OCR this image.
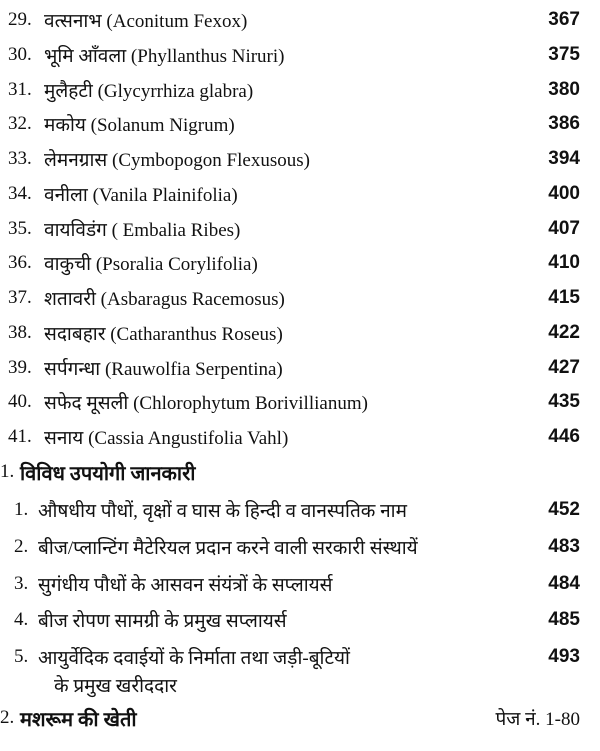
29. वत्सनाभ (Aconitum Fexox)	367
30. भूमि आँवला (Phyllanthus Niruri)	375
31. मुलैहटी (Glycyrrhiza glabra)	380
32. मकोय (Solanum Nigrum)	386
33. लेमनग्रास (Cymbopogon Flexusous)	394
34. वनीला (Vanila Plainifolia)	400
35. वायविडंग ( Embalia Ribes)	407
36. वाकुची (Psoralia Corylifolia)	410
37. शतावरी (Asbaragus Racemosus)	415
38. सदाबहार (Catharanthus Roseus)	422
39. सर्पगन्धा (Rauwolfia Serpentina)	427
40. सफेद मूसली (Chlorophytum Borivillianum)	435
41. सनाय (Cassia Angustifolia Vahl)	446
1. विविध उपयोगी जानकारी
1. औषधीय पौधों, वृक्षों व घास के हिन्दी व वानस्पतिक नाम	452
2. बीज/प्लान्टिंग मैटेरियल प्रदान करने वाली सरकारी संस्थायें	483
3. सुगंधीय पौधों के आसवन संयंत्रों के सप्लायर्स	484
4. बीज रोपण सामग्री के प्रमुख सप्लायर्स	485
5. आयुर्वेदिक दवाईयों के निर्माता तथा जड़ी-बूटियों	493
के प्रमुख खरीददार
2. मशरूम की खेती	पेज नं. 1-80
